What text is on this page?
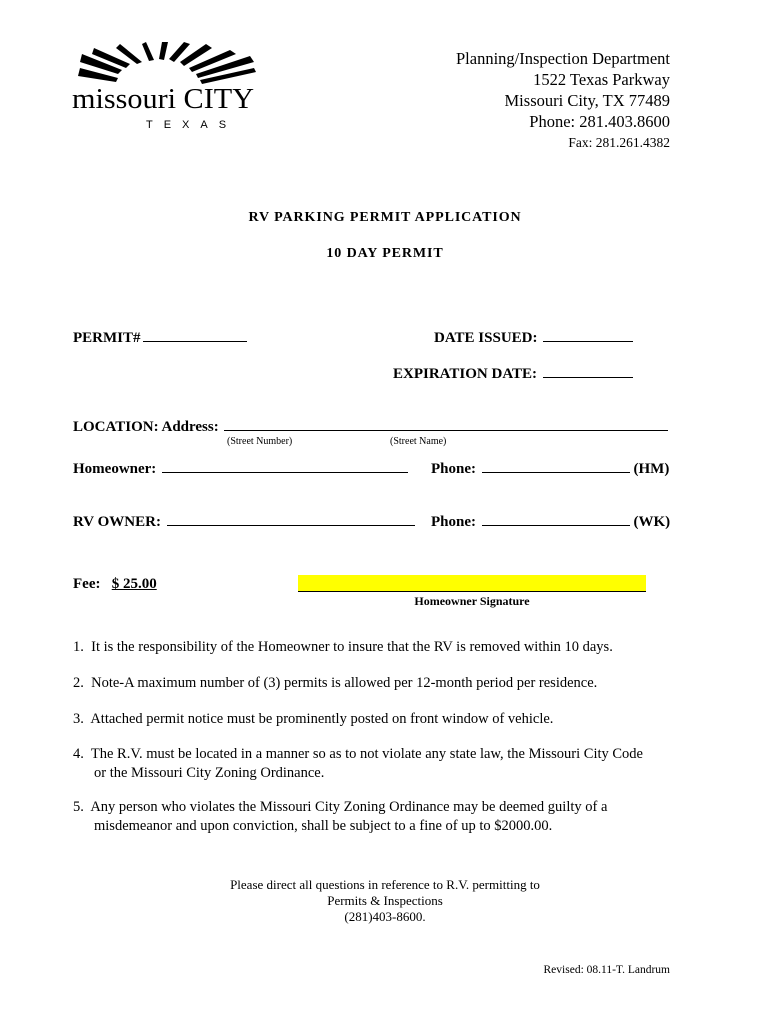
missouri CITY
TEXAS
Planning/Inspection Department
1522 Texas Parkway
Missouri City, TX 77489
Phone: 281.403.8600
Fax: 281.261.4382
RV PARKING PERMIT APPLICATION
10 DAY PERMIT
PERMIT#	DATE ISSUED:
EXPIRATION DATE:
LOCATION: Address:
(Street Number)	(Street Name)
Homeowner:	Phone:	(HM)
RV OWNER:	Phone:	(WK)
Fee: $ 25.00
Homeowner Signature
1. It is the responsibility of the Homeowner to insure that the RV is removed within 10 days.
2. Note-A maximum number of (3) permits is allowed per 12-month period per residence.
3. Attached permit notice must be prominently posted on front window of vehicle.
4. The R.V. must be located in a manner so as to not violate any state law, the Missouri City Code
or the Missouri City Zoning Ordinance.
5. Any person who violates the Missouri City Zoning Ordinance may be deemed guilty of a
misdemeanor and upon conviction, shall be subject to a fine of up to $2000.00.
Please direct all questions in reference to R.V. permitting to
Permits & Inspections
(281)403-8600.
Revised: 08.11-T. Landrum
